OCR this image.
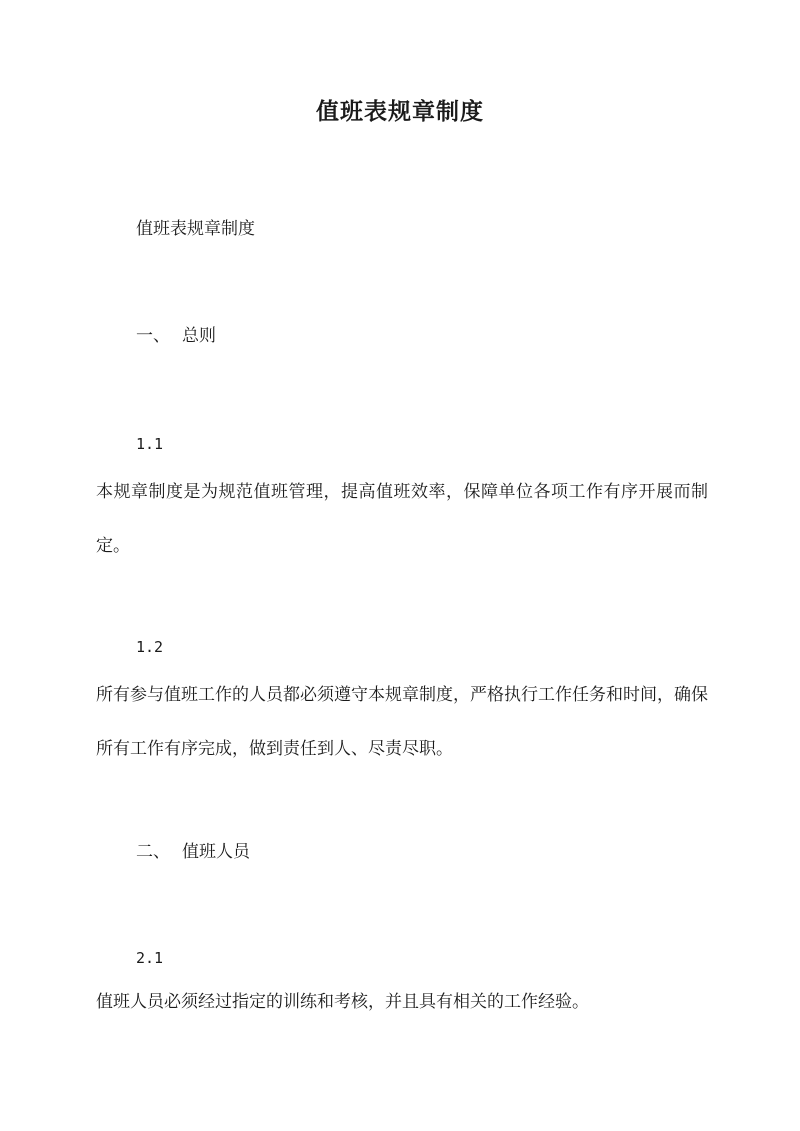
值班表规章制度
值班表规章制度
一、 总则
1.1
本规章制度是为规范值班管理，提高值班效率，保障单位各项工作有序开展而制定。
1.2
所有参与值班工作的人员都必须遵守本规章制度，严格执行工作任务和时间，确保所有工作有序完成，做到责任到人、尽责尽职。
二、 值班人员
2.1
值班人员必须经过指定的训练和考核，并且具有相关的工作经验。
